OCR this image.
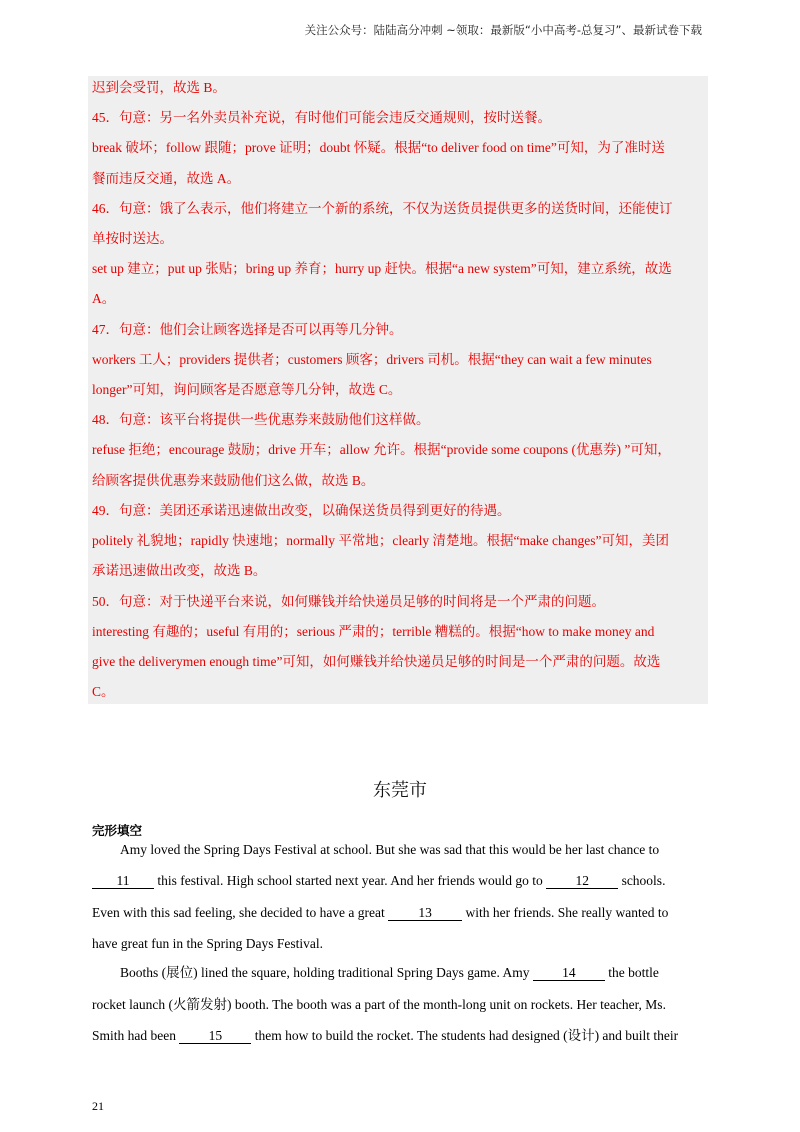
关注公众号：陆陆高分冲刺 ~领取：最新版“小中高考-总复习”、最新试卷下载
迟到会受罚，故选 B。
45．句意：另一名外卖员补充说，有时他们可能会违反交通规则，按时送餐。
break 破坏；follow 跟随；prove 证明；doubt 怀疑。根据“to deliver food on time”可知，为了准时送
餐而违反交通，故选 A。
46．句意：饿了么表示，他们将建立一个新的系统，不仅为送货员提供更多的送货时间，还能使订
单按时送达。
set up 建立；put up 张贴；bring up 养育；hurry up 赶快。根据“a new system”可知，建立系统，故选
A。
47．句意：他们会让顾客选择是否可以再等几分钟。
workers 工人；providers 提供者；customers 顾客；drivers 司机。根据“they can wait a few minutes
longer”可知，询问顾客是否愿意等几分钟，故选 C。
48．句意：该平台将提供一些优惠券来鼓励他们这样做。
refuse 拒绝；encourage 鼓励；drive 开车；allow 允许。根据“provide some coupons (优惠券) ”可知，
给顾客提供优惠券来鼓励他们这么做，故选 B。
49．句意：美团还承诺迅速做出改变，以确保送货员得到更好的待遇。
politely 礼貌地；rapidly 快速地；normally 平常地；clearly 清楚地。根据“make changes”可知，美团
承诺迅速做出改变，故选 B。
50．句意：对于快递平台来说，如何赚钱并给快递员足够的时间将是一个严肃的问题。
interesting 有趣的；useful 有用的；serious 严肃的；terrible 糟糕的。根据“how to make money and
give the deliverymen enough time”可知，如何赚钱并给快递员足够的时间是一个严肃的问题。故选
C。
东莞市
完形填空
Amy loved the Spring Days Festival at school. But she was sad that this would be her last chance to
11 this festival. High school started next year. And her friends would go to 12 schools.
Even with this sad feeling, she decided to have a great 13 with her friends. She really wanted to
have great fun in the Spring Days Festival.
Booths (展位) lined the square, holding traditional Spring Days game. Amy 14 the bottle
rocket launch (火箭发射) booth. The booth was a part of the month-long unit on rockets. Her teacher, Ms.
Smith had been 15 them how to build the rocket. The students had designed (设计) and built their
21
